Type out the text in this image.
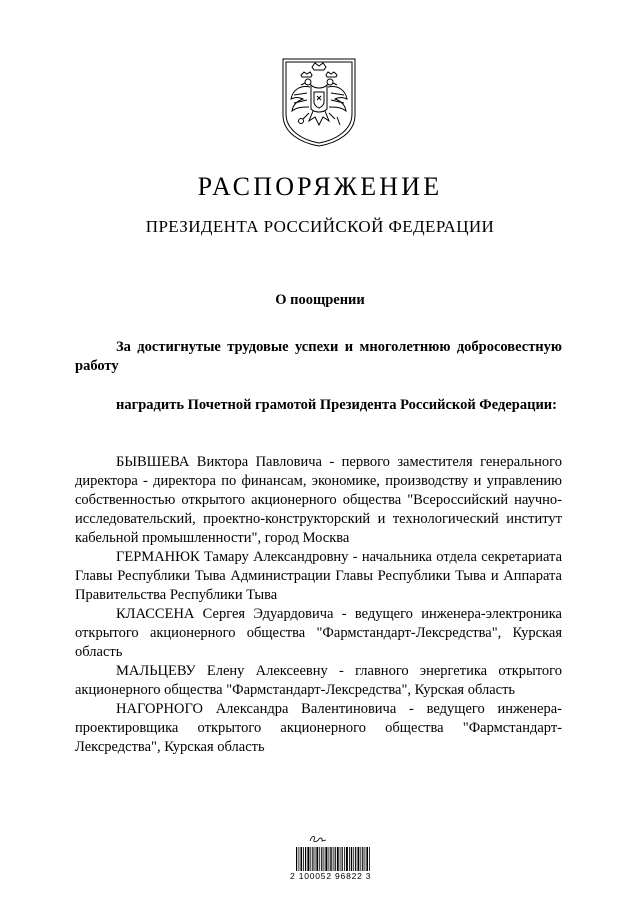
РАСПОРЯЖЕНИЕ
ПРЕЗИДЕНТА РОССИЙСКОЙ ФЕДЕРАЦИИ
О поощрении
За достигнутые трудовые успехи и многолетнюю добросовестную работу
наградить Почетной грамотой Президента Российской Федерации:

БЫВШЕВА Виктора Павловича - первого заместителя генерального директора - директора по финансам, экономике, производству и управлению собственностью открытого акционерного общества "Всероссийский научно-исследовательский, проектно-конструкторский и технологический институт кабельной промышленности", город Москва

ГЕРМАНЮК Тамару Александровну - начальника отдела секретариата Главы Республики Тыва Администрации Главы Республики Тыва и Аппарата Правительства Республики Тыва

КЛАССЕНА Сергея Эдуардовича - ведущего инженера-электроника открытого акционерного общества "Фармстандарт-Лексредства", Курская область

МАЛЬЦЕВУ Елену Алексеевну - главного энергетика открытого акционерного общества "Фармстандарт-Лексредства", Курская область

НАГОРНОГО Александра Валентиновича - ведущего инженера-проектировщика открытого акционерного общества "Фармстандарт-Лексредства", Курская область

2 100052 96822 3
